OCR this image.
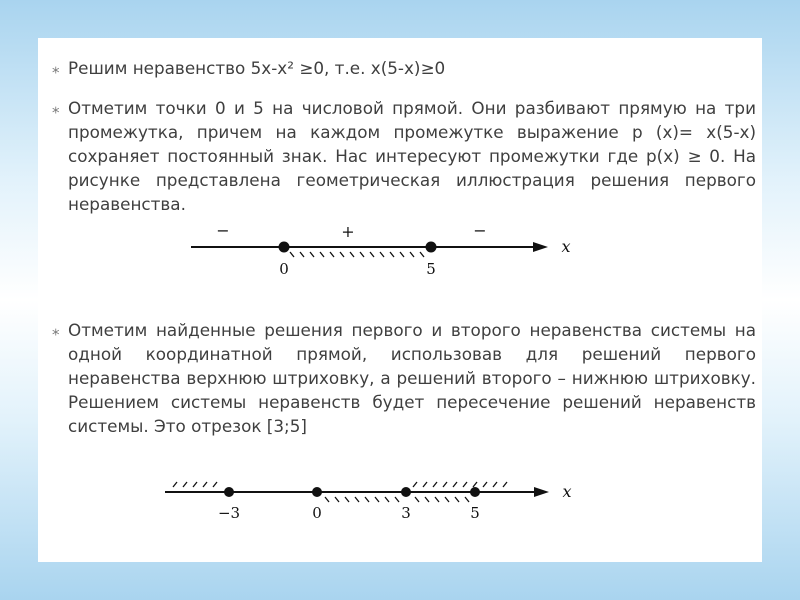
⁎ Решим неравенство 5x-x² ≥0, т.е. x(5-x)≥0
⁎ Отметим точки 0 и 5 на числовой прямой. Они разбивают прямую на три промежутка, причем на каждом промежутке выражение p (x)= x(5-x) сохраняет постоянный знак. Нас интересуют промежутки где p(x) ≥ 0. На рисунке представлена геометрическая иллюстрация решения первого неравенства.
−	+	−
0	5
x
⁎ Отметим найденные решения первого и второго неравенства системы на одной координатной прямой, использовав для решений первого неравенства верхнюю штриховку, а решений второго – нижнюю штриховку. Решением системы неравенств будет пересечение решений неравенств системы. Это отрезок [3;5]
−3	0	3	5
x
